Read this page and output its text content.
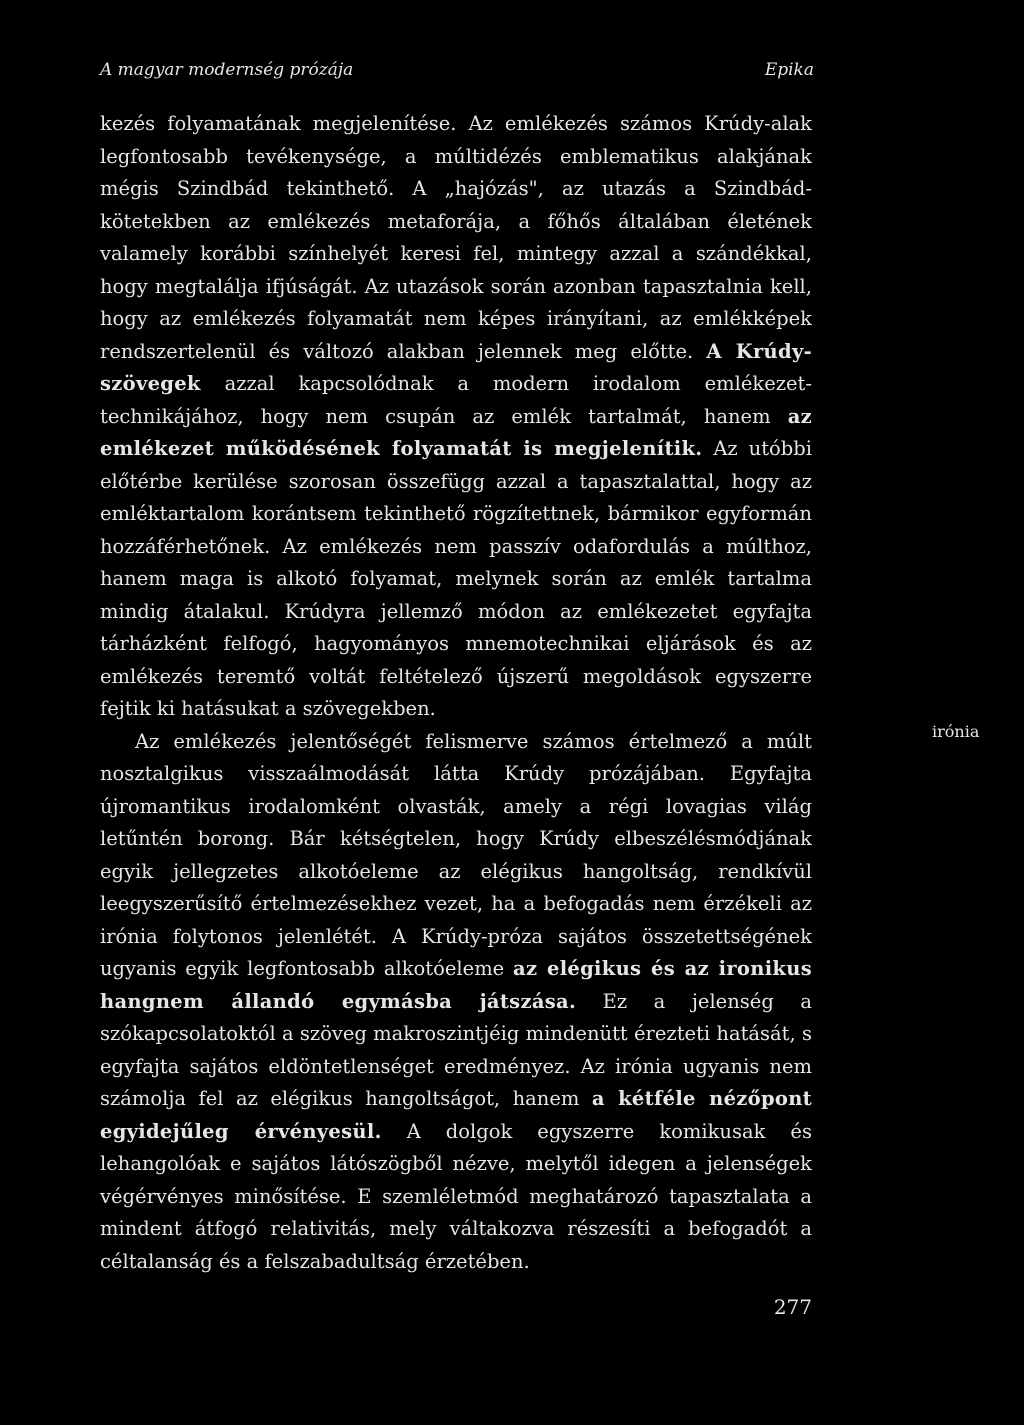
A magyar modernség prózája	Epika

kezés folyamatának megjelenítése. Az emlékezés számos Krúdy-alak legfontosabb tevékenysége, a múltidézés emblematikus alakjának mégis Szindbád tekinthető. A „hajózás", az utazás a Szindbád-kötetekben az emlékezés metaforája, a főhős általában életének valamely korábbi színhelyét keresi fel, mintegy azzal a szándékkal, hogy megtalálja ifjúságát. Az utazások során azonban tapasztalnia kell, hogy az emlékezés folyamatát nem képes irányítani, az emlékképek rendszertelenül és változó alakban jelennek meg előtte. A Krúdy-szövegek azzal kapcsolódnak a modern irodalom emlékezet-technikájához, hogy nem csupán az emlék tartalmát, hanem az emlékezet működésének folyamatát is megjelenítik. Az utóbbi előtérbe kerülése szorosan összefügg azzal a tapasztalattal, hogy az emléktartalom korántsem tekinthető rögzítettnek, bármikor egyformán hozzáférhetőnek. Az emlékezés nem passzív odafordulás a múlthoz, hanem maga is alkotó folyamat, melynek során az emlék tartalma mindig átalakul. Krúdyra jellemző módon az emlékezetet egyfajta tárházként felfogó, hagyományos mnemotechnikai eljárások és az emlékezés teremtő voltát feltételező újszerű megoldások egyszerre fejtik ki hatásukat a szövegekben.

Az emlékezés jelentőségét felismerve számos értelmező a múlt nosztalgikus visszaálmodását látta Krúdy prózájában. Egyfajta újromantikus irodalomként olvasták, amely a régi lovagias világ letűntén borong. Bár kétségtelen, hogy Krúdy elbeszélésmódjának egyik jellegzetes alkotóeleme az elégikus hangoltság, rendkívül leegyszerűsítő értelmezésekhez vezet, ha a befogadás nem érzékeli az irónia folytonos jelenlétét. A Krúdy-próza sajátos összetettségének ugyanis egyik legfontosabb alkotóeleme az elégikus és az ironikus hangnem állandó egymásba játszása. Ez a jelenség a szókapcsolatoktól a szöveg makroszintjéig mindenütt érezteti hatását, s egyfajta sajátos eldöntetlenséget eredményez. Az irónia ugyanis nem számolja fel az elégikus hangoltságot, hanem a kétféle nézőpont egyidejűleg érvényesül. A dolgok egyszerre komikusak és lehangolóak e sajátos látószögből nézve, melytől idegen a jelenségek végérvényes minősítése. E szemléletmód meghatározó tapasztalata a mindent átfogó relativitás, mely váltakozva részesíti a befogadót a céltalanság és a felszabadultság érzetében.

irónia
277
